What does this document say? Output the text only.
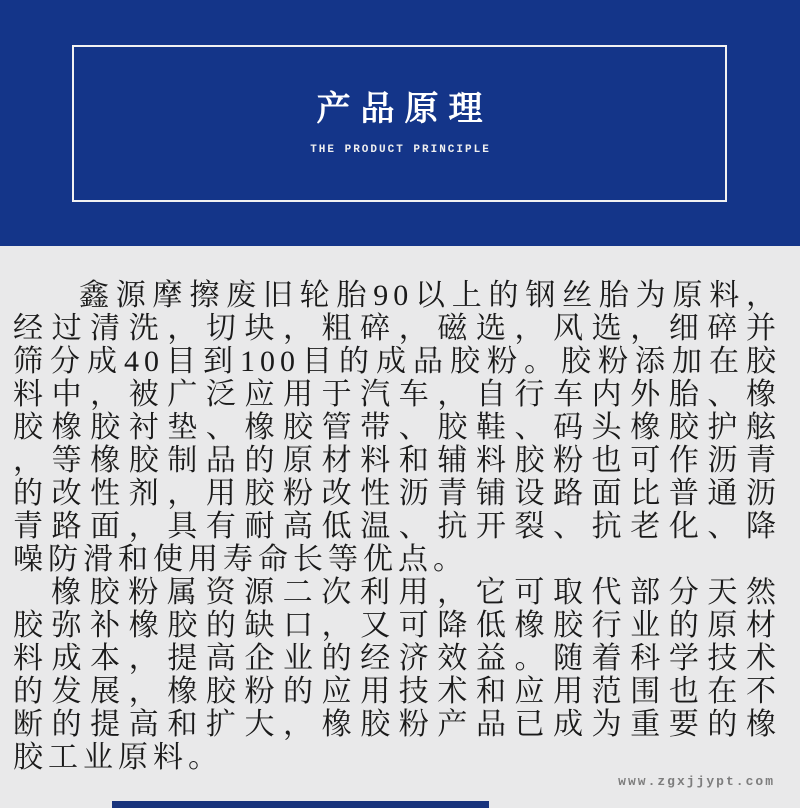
产品原理
THE PRODUCT PRINCIPLE
鑫源摩擦废旧轮胎90以上的钢丝胎为原料，
经过清洗，切块，粗碎，磁选，风选，细碎并
筛分成40目到100目的成品胶粉。胶粉添加在胶
料中，被广泛应用于汽车，自行车内外胎、橡
胶橡胶衬垫、橡胶管带、胶鞋、码头橡胶护舷
，等橡胶制品的原材料和辅料胶粉也可作沥青
的改性剂，用胶粉改性沥青铺设路面比普通沥
青路面，具有耐高低温、抗开裂、抗老化、降
噪防滑和使用寿命长等优点。
橡胶粉属资源二次利用，它可取代部分天然
胶弥补橡胶的缺口，又可降低橡胶行业的原材
料成本，提高企业的经济效益。随着科学技术
的发展，橡胶粉的应用技术和应用范围也在不
断的提高和扩大，橡胶粉产品已成为重要的橡
胶工业原料。
www.zgxjjypt.com
